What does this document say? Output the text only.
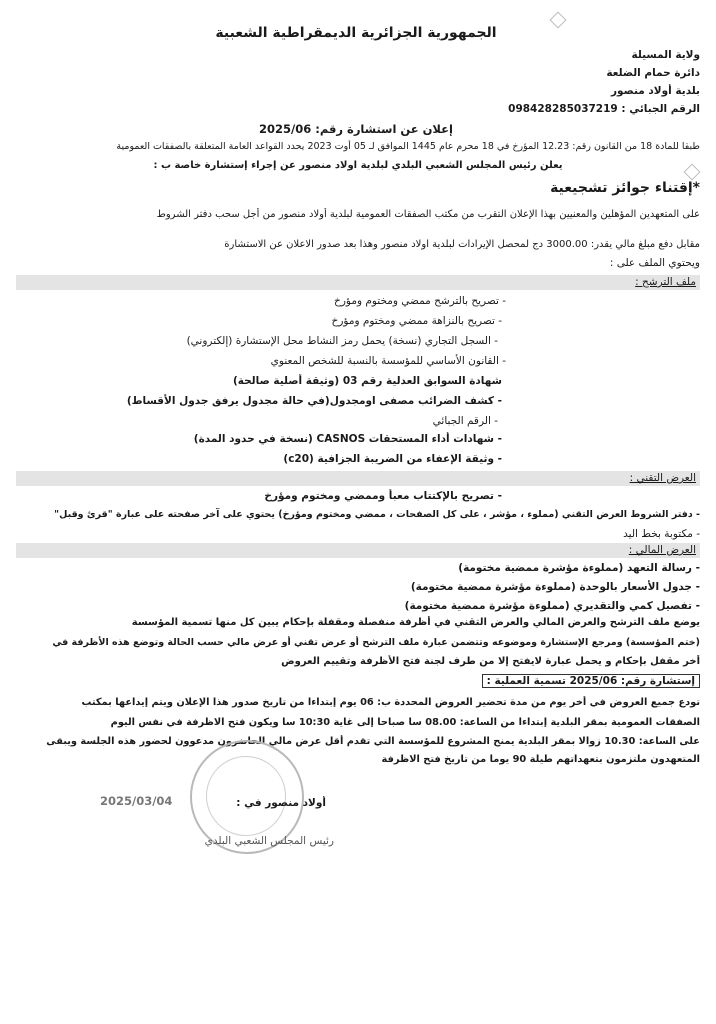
الجمهورية الجزائرية الديمقراطية الشعبية
ولاية المسيلة
دائرة حمام الضلعة
بلدية أولاد منصور
الرقم الجبائي : 098428285037219
إعلان عن استشارة رقم: 2025/06
طبقا للمادة 18 من القانون رقم: 12.23 المؤرخ في 18 محرم عام 1445 الموافق لـ 05 أوت 2023 يحدد القواعد العامة المتعلقة بالصفقات العمومية
يعلن رئيس المجلس الشعبي البلدي لبلدية اولاد منصور عن إجراء إستشارة خاصة ب :
*إقتناء جوائز تشجيعية
على المتعهدين المؤهلين والمعنيين بهذا الإعلان التقرب من مكتب الصفقات العمومية لبلدية أولاد منصور من أجل سحب دفتر الشروط
مقابل دفع مبلغ مالي يقدر: 3000.00 دج لمحصل الإيرادات لبلدية اولاد منصور وهذا بعد صدور الاعلان عن الاستشارة
ويحتوي الملف على :
ملف الترشح :
- تصريح بالترشح ممضي ومختوم ومؤرخ
- تصريح بالنزاهة ممضي ومختوم ومؤرخ
- السجل التجاري (نسخة) يحمل رمز النشاط محل الإستشارة (إلكتروني)
- القانون الأساسي للمؤسسة بالنسبة للشخص المعنوي
شهادة السوابق العدلية رقم 03 (وثيقة أصلية صالحة)
- كشف الضرائب مصفى اومجدول(في حالة مجدول يرفق جدول الأقساط)
- الرقم الجبائي
- شهادات أداء المستحقات CASNOS (نسخة في حدود المدة)
- وثيقة الإعفاء من الضريبة الجزافية (c20)
العرض التقني :
- تصريح بالإكتتاب معبأ وممضي ومختوم ومؤرخ
- دفتر الشروط العرض التقني (مملوء ، مؤشر ، على كل الصفحات ، ممضي ومختوم ومؤرخ) يحتوي على آخر صفحته على عبارة "قرئ وقبل"
- مكتوبة بخط اليد
العرض المالي :
- رسالة التعهد (مملوءة مؤشرة ممضية مختومة)
- جدول الأسعار بالوحدة (مملوءة مؤشرة ممضية مختومة)
- تفصيل كمي والتقديري (مملوءة مؤشرة ممضية مختومة)
يوضع ملف الترشح والعرض المالي والعرض التقني في أظرفة منفصلة ومقفلة بإحكام يبين كل منها تسمية المؤسسة
(ختم المؤسسة) ومرجع الإستشارة وموضوعه وتتضمن عبارة ملف الترشح أو عرض تقني أو عرض مالي حسب الحالة وتوضع هذه الأظرفة في
أخر مقفل بإحكام و يحمل عبارة لايفتح إلا من طرف لجنة فتح الأظرفة وتقييم العروض
إستشارة رقم: 2025/06 تسمية العملية :
تودع جميع العروض في أخر يوم من مدة تحضير العروض المحددة ب: 06 يوم إبتداءا من تاريخ صدور هذا الإعلان ويتم إيداعها بمكتب
الصفقات العمومية بمقر البلدية إبتداءا من الساعة: 08.00 سا صباحا إلى غاية 10:30 سا ويكون فتح الاظرفة في نفس اليوم
على الساعة: 10.30 زوالا بمقر البلدية يمنح المشروع للمؤسسة التي تقدم أقل عرض مالي الحاضرون مدعوون لحضور هذه الجلسة ويبقى
المتعهدون ملتزمون بتعهداتهم طيلة 90 يوما من تاريخ فتح الاظرفة
أولاد منصور في :
2025/03/04
رئيس المجلس الشعبي البلدي
